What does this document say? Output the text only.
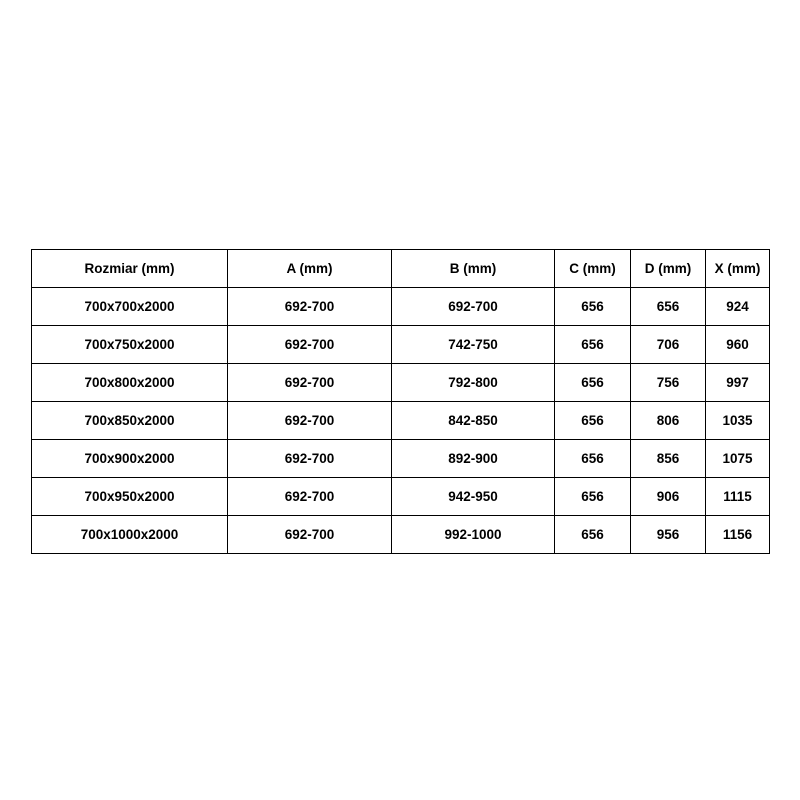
Rozmiar (mm)	A (mm)	B (mm)	C (mm)	D (mm)	X (mm)
700x700x2000	692-700	692-700	656	656	924
700x750x2000	692-700	742-750	656	706	960
700x800x2000	692-700	792-800	656	756	997
700x850x2000	692-700	842-850	656	806	1035
700x900x2000	692-700	892-900	656	856	1075
700x950x2000	692-700	942-950	656	906	1115
700x1000x2000	692-700	992-1000	656	956	1156
